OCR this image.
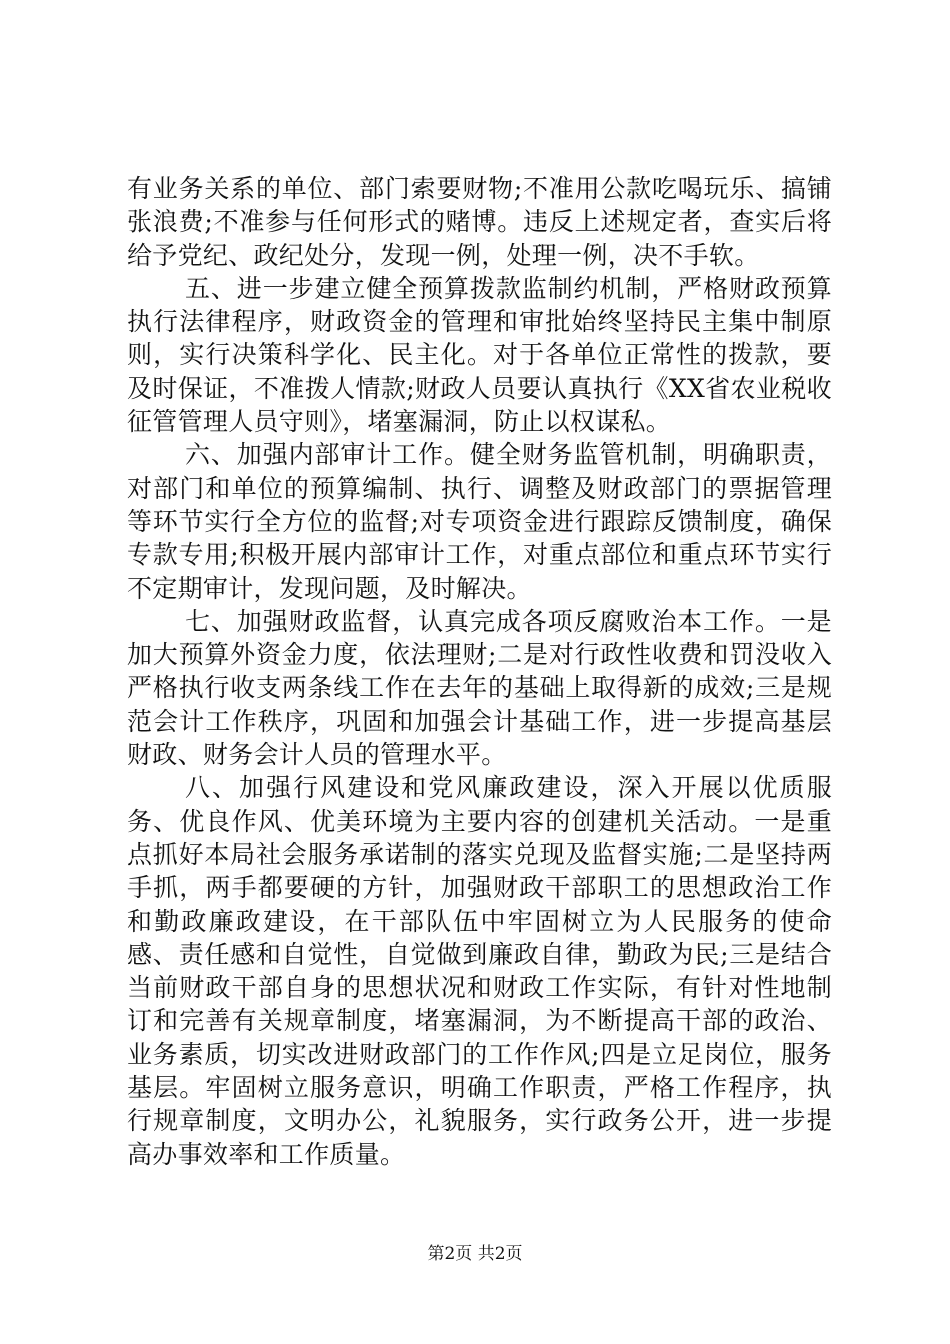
有业务关系的单位、部门索要财物;不准用公款吃喝玩乐、搞铺张浪费;不准参与任何形式的赌博。违反上述规定者，查实后将给予党纪、政纪处分，发现一例，处理一例，决不手软。

五、进一步建立健全预算拨款监制约机制，严格财政预算执行法律程序，财政资金的管理和审批始终坚持民主集中制原则，实行决策科学化、民主化。对于各单位正常性的拨款，要及时保证，不准拨人情款;财政人员要认真执行《XX省农业税收征管管理人员守则》，堵塞漏洞，防止以权谋私。

六、加强内部审计工作。健全财务监管机制，明确职责，对部门和单位的预算编制、执行、调整及财政部门的票据管理等环节实行全方位的监督;对专项资金进行跟踪反馈制度，确保专款专用;积极开展内部审计工作，对重点部位和重点环节实行不定期审计，发现问题，及时解决。

七、加强财政监督，认真完成各项反腐败治本工作。一是加大预算外资金力度，依法理财;二是对行政性收费和罚没收入严格执行收支两条线工作在去年的基础上取得新的成效;三是规范会计工作秩序，巩固和加强会计基础工作，进一步提高基层财政、财务会计人员的管理水平。

八、加强行风建设和党风廉政建设，深入开展以优质服务、优良作风、优美环境为主要内容的创建机关活动。一是重点抓好本局社会服务承诺制的落实兑现及监督实施;二是坚持两手抓，两手都要硬的方针，加强财政干部职工的思想政治工作和勤政廉政建设，在干部队伍中牢固树立为人民服务的使命感、责任感和自觉性，自觉做到廉政自律，勤政为民;三是结合当前财政干部自身的思想状况和财政工作实际，有针对性地制订和完善有关规章制度，堵塞漏洞，为不断提高干部的政治、业务素质，切实改进财政部门的工作作风;四是立足岗位，服务基层。牢固树立服务意识，明确工作职责，严格工作程序，执行规章制度，文明办公，礼貌服务，实行政务公开，进一步提高办事效率和工作质量。

第2页 共2页
